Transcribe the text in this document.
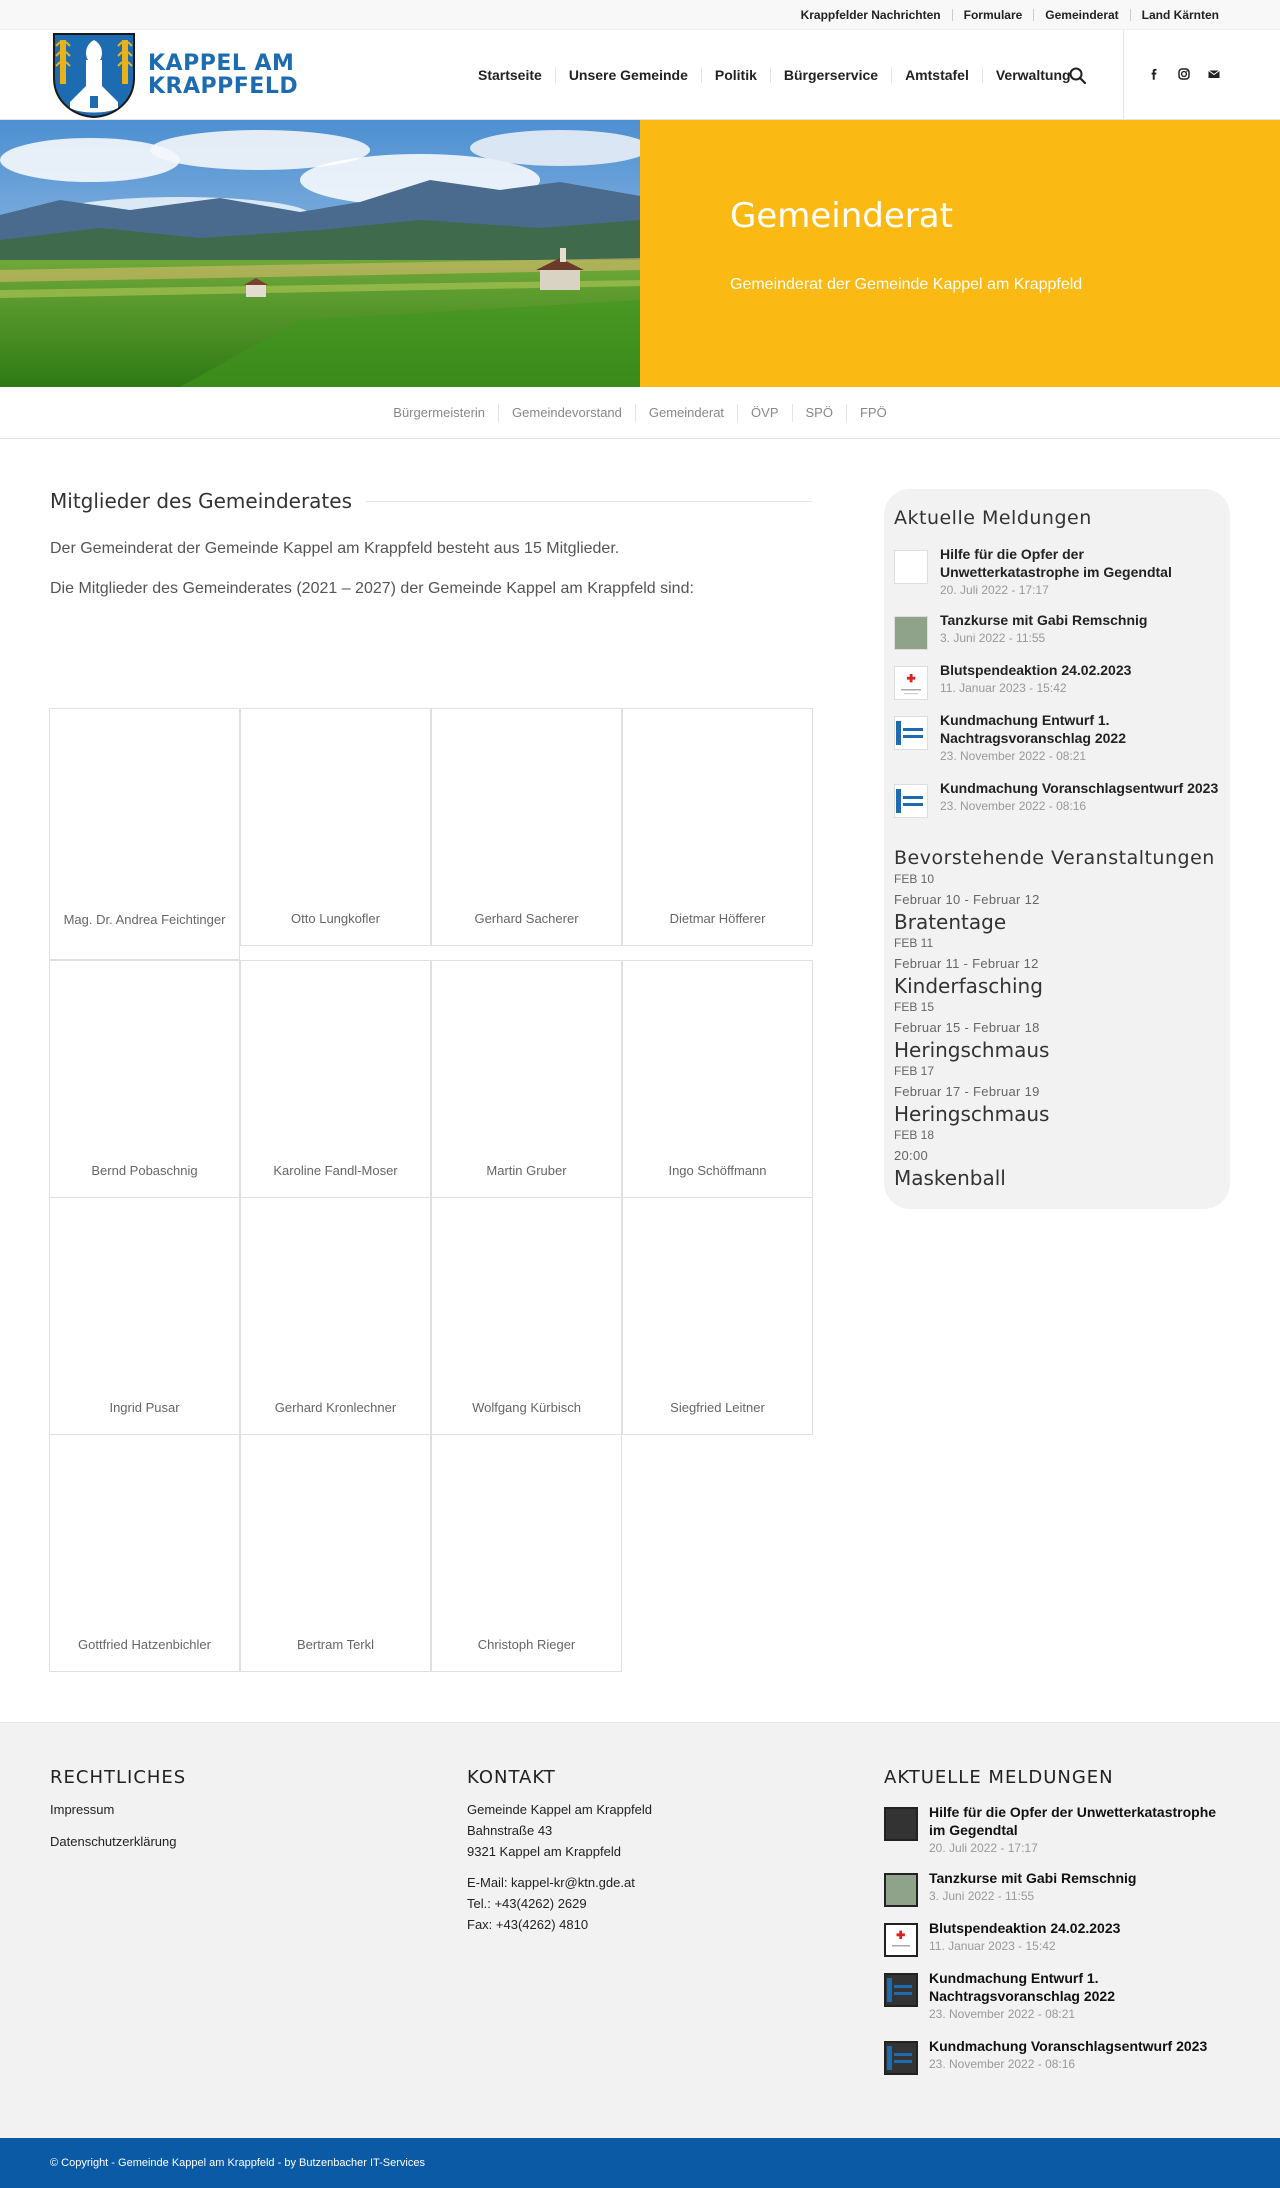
Krappfelder Nachrichten	Formulare	Gemeinderat	Land Kärnten
KAPPEL AM
KRAPPFELD	Startseite	Unsere Gemeinde	Politik	Bürgerservice	Amtstafel	Verwaltung
Gemeinderat
Gemeinderat der Gemeinde Kappel am Krappfeld
Bürgermeisterin	Gemeindevorstand	Gemeinderat	ÖVP	SPÖ	FPÖ
Mitglieder des Gemeinderates

Der Gemeinderat der Gemeinde Kappel am Krappfeld besteht aus 15 Mitglieder.

Die Mitglieder des Gemeinderates (2021 – 2027) der Gemeinde Kappel am Krappfeld sind:

Mag. Dr. Andrea Feichtinger	Otto Lungkofler	Gerhard Sacherer	Dietmar Höfferer
Bernd Pobaschnig	Karoline Fandl-Moser	Martin Gruber	Ingo Schöffmann
Ingrid Pusar	Gerhard Kronlechner	Wolfgang Kürbisch	Siegfried Leitner
Gottfried Hatzenbichler	Bertram Terkl	Christoph Rieger
Aktuelle Meldungen
Hilfe für die Opfer der Unwetterkatastrophe im Gegendtal
20. Juli 2022 - 17:17
Tanzkurse mit Gabi Remschnig
3. Juni 2022 - 11:55
Blutspendeaktion 24.02.2023
11. Januar 2023 - 15:42
Kundmachung Entwurf 1. Nachtragsvoranschlag 2022
23. November 2022 - 08:21
Kundmachung Voranschlagsentwurf 2023
23. November 2022 - 08:16
Bevorstehende Veranstaltungen
FEB 10
Februar 10 - Februar 12
Bratentage
FEB 11
Februar 11 - Februar 12
Kinderfasching
FEB 15
Februar 15 - Februar 18
Heringschmaus
FEB 17
Februar 17 - Februar 19
Heringschmaus
FEB 18
20:00
Maskenball
RECHTLICHES
Impressum
Datenschutzerklärung
KONTAKT
Gemeinde Kappel am Krappfeld
Bahnstraße 43
9321 Kappel am Krappfeld
E-Mail: kappel-kr@ktn.gde.at
Tel.: +43(4262) 2629
Fax: +43(4262) 4810
AKTUELLE MELDUNGEN
Hilfe für die Opfer der Unwetterkatastrophe im Gegendtal
20. Juli 2022 - 17:17
Tanzkurse mit Gabi Remschnig
3. Juni 2022 - 11:55
Blutspendeaktion 24.02.2023
11. Januar 2023 - 15:42
Kundmachung Entwurf 1. Nachtragsvoranschlag 2022
23. November 2022 - 08:21
Kundmachung Voranschlagsentwurf 2023
23. November 2022 - 08:16
© Copyright - Gemeinde Kappel am Krappfeld - by Butzenbacher IT-Services
